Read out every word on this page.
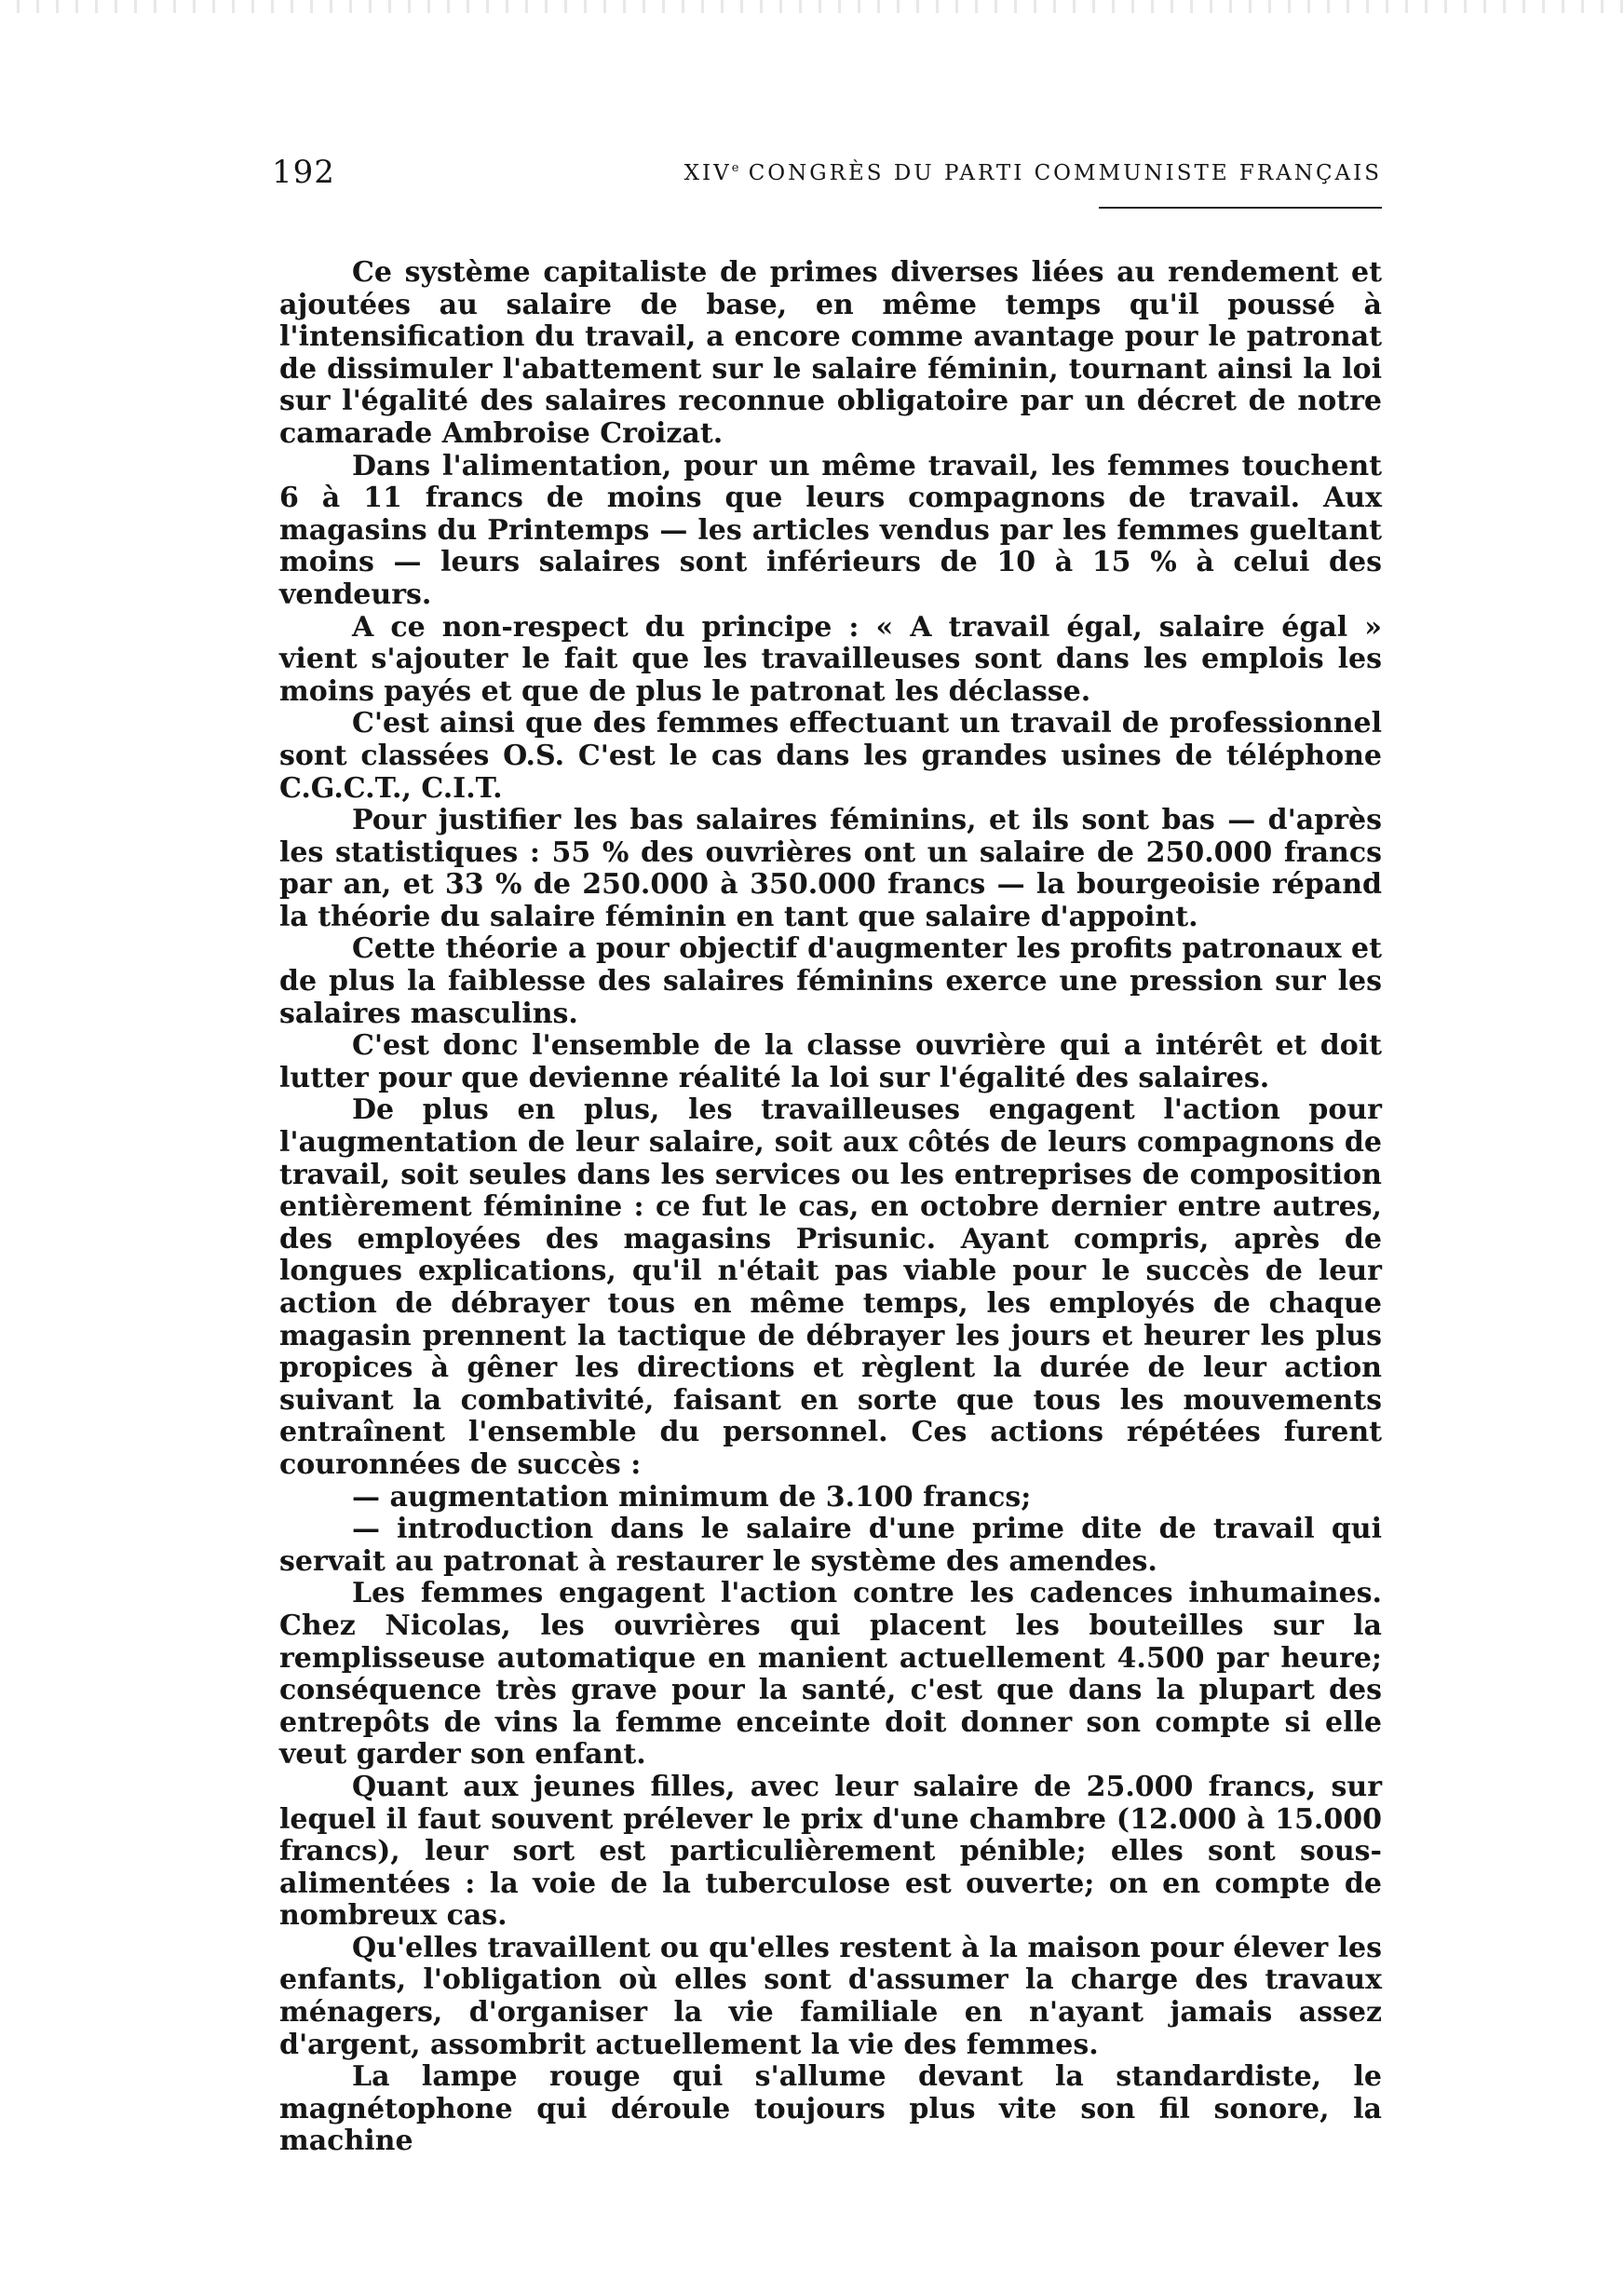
192	XIVe CONGRÈS DU PARTI COMMUNISTE FRANÇAIS

Ce système capitaliste de primes diverses liées au rendement et ajoutées au salaire de base, en même temps qu'il poussé à l'intensification du travail, a encore comme avantage pour le patronat de dissimuler l'abattement sur le salaire féminin, tournant ainsi la loi sur l'égalité des salaires reconnue obligatoire par un décret de notre camarade Ambroise Croizat.

Dans l'alimentation, pour un même travail, les femmes touchent 6 à 11 francs de moins que leurs compagnons de travail. Aux magasins du Printemps — les articles vendus par les femmes gueltant moins — leurs salaires sont inférieurs de 10 à 15 % à celui des vendeurs.

A ce non-respect du principe : « A travail égal, salaire égal » vient s'ajouter le fait que les travailleuses sont dans les emplois les moins payés et que de plus le patronat les déclasse.

C'est ainsi que des femmes effectuant un travail de professionnel sont classées O.S. C'est le cas dans les grandes usines de téléphone C.G.C.T., C.I.T.

Pour justifier les bas salaires féminins, et ils sont bas — d'après les statistiques : 55 % des ouvrières ont un salaire de 250.000 francs par an, et 33 % de 250.000 à 350.000 francs — la bourgeoisie répand la théorie du salaire féminin en tant que salaire d'appoint.

Cette théorie a pour objectif d'augmenter les profits patronaux et de plus la faiblesse des salaires féminins exerce une pression sur les salaires masculins.

C'est donc l'ensemble de la classe ouvrière qui a intérêt et doit lutter pour que devienne réalité la loi sur l'égalité des salaires.

De plus en plus, les travailleuses engagent l'action pour l'augmentation de leur salaire, soit aux côtés de leurs compagnons de travail, soit seules dans les services ou les entreprises de composition entièrement féminine : ce fut le cas, en octobre dernier entre autres, des employées des magasins Prisunic. Ayant compris, après de longues explications, qu'il n'était pas viable pour le succès de leur action de débrayer tous en même temps, les employés de chaque magasin prennent la tactique de débrayer les jours et heurer les plus propices à gêner les directions et règlent la durée de leur action suivant la combativité, faisant en sorte que tous les mouvements entraînent l'ensemble du personnel. Ces actions répétées furent couronnées de succès :

— augmentation minimum de 3.100 francs;

— introduction dans le salaire d'une prime dite de travail qui servait au patronat à restaurer le système des amendes.

Les femmes engagent l'action contre les cadences inhumaines. Chez Nicolas, les ouvrières qui placent les bouteilles sur la remplisseuse automatique en manient actuellement 4.500 par heure; conséquence très grave pour la santé, c'est que dans la plupart des entrepôts de vins la femme enceinte doit donner son compte si elle veut garder son enfant.

Quant aux jeunes filles, avec leur salaire de 25.000 francs, sur lequel il faut souvent prélever le prix d'une chambre (12.000 à 15.000 francs), leur sort est particulièrement pénible; elles sont sous-alimentées : la voie de la tuberculose est ouverte; on en compte de nombreux cas.

Qu'elles travaillent ou qu'elles restent à la maison pour élever les enfants, l'obligation où elles sont d'assumer la charge des travaux ménagers, d'organiser la vie familiale en n'ayant jamais assez d'argent, assombrit actuellement la vie des femmes.

La lampe rouge qui s'allume devant la standardiste, le magnétophone qui déroule toujours plus vite son fil sonore, la machine
